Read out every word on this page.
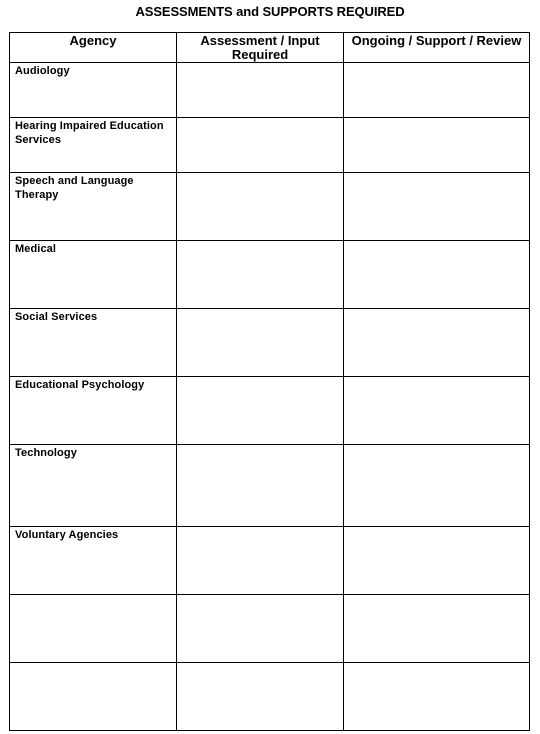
ASSESSMENTS and SUPPORTS REQUIRED
Agency	Assessment / Input Required	Ongoing / Support / Review
Audiology		
Hearing Impaired Education Services		
Speech and Language Therapy		
Medical		
Social Services		
Educational Psychology		
Technology		
Voluntary Agencies		
